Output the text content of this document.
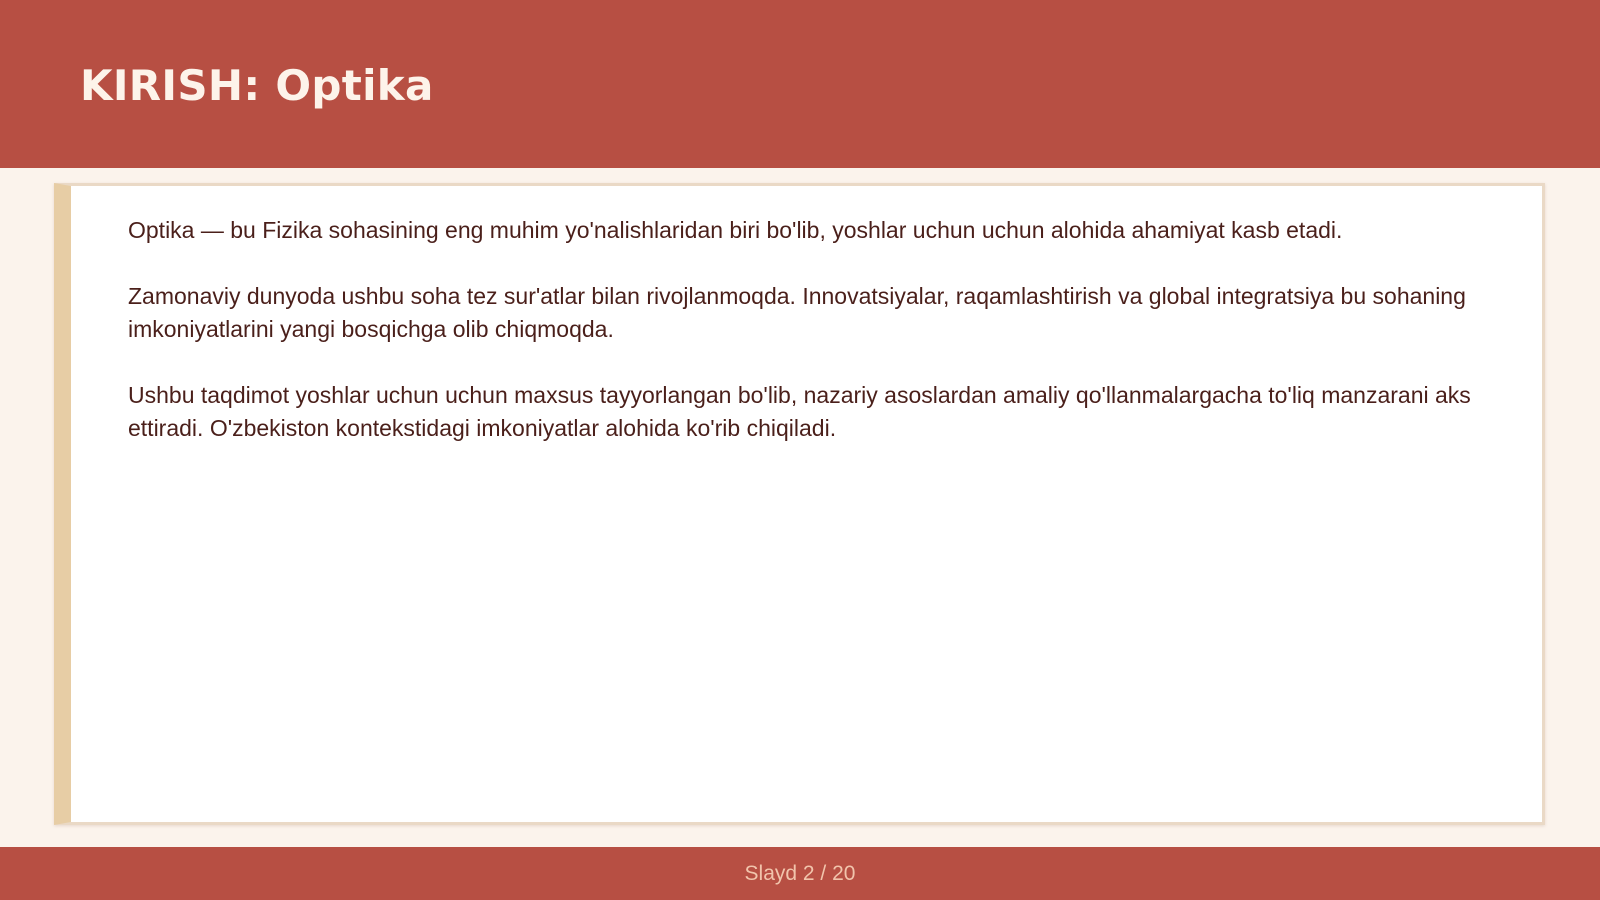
KIRISH: Optika

Optika — bu Fizika sohasining eng muhim yo'nalishlaridan biri bo'lib, yoshlar uchun uchun alohida ahamiyat kasb etadi.

Zamonaviy dunyoda ushbu soha tez sur'atlar bilan rivojlanmoqda. Innovatsiyalar, raqamlashtirish va global integratsiya bu sohaning imkoniyatlarini yangi bosqichga olib chiqmoqda.

Ushbu taqdimot yoshlar uchun uchun maxsus tayyorlangan bo'lib, nazariy asoslardan amaliy qo'llanmalargacha to'liq manzarani aks ettiradi. O'zbekiston kontekstidagi imkoniyatlar alohida ko'rib chiqiladi.

Slayd 2 / 20
